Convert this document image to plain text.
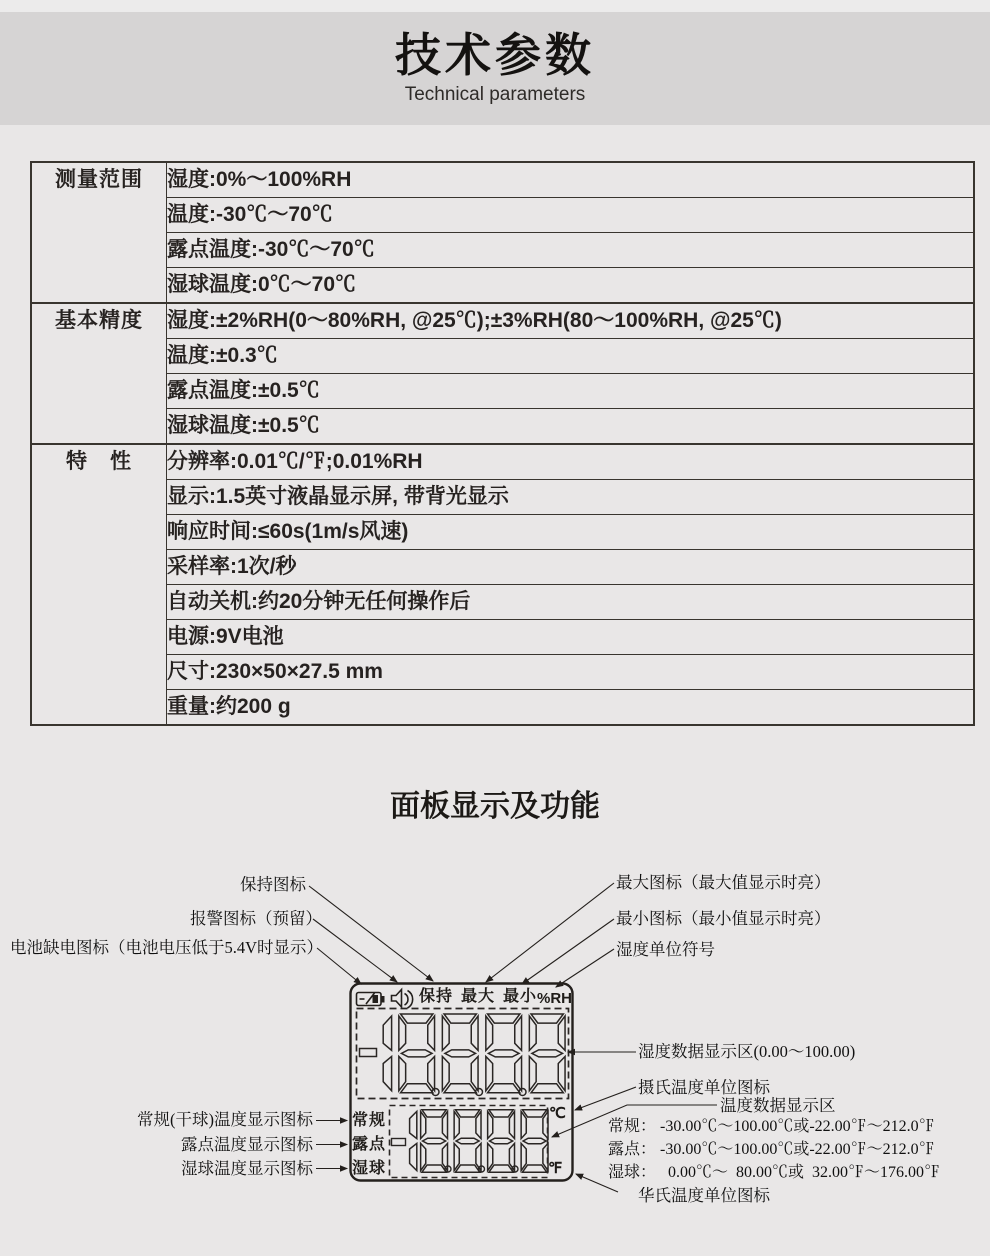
技术参数
Technical parameters
测量范围	湿度:0%～100%RH
	温度:-30℃～70℃
	露点温度:-30℃～70℃
	湿球温度:0℃～70℃
基本精度	湿度:±2%RH(0～80%RH, @25℃);±3%RH(80～100%RH, @25℃)
	温度:±0.3℃
	露点温度:±0.5℃
	湿球温度:±0.5℃
特　性	分辨率:0.01℃/℉;0.01%RH
	显示:1.5英寸液晶显示屏, 带背光显示
	响应时间:≤60s(1m/s风速)
	采样率:1次/秒
	自动关机:约20分钟无任何操作后
	电源:9V电池
	尺寸:230×50×27.5 mm
	重量:约200 g
面板显示及功能
保持 最大 最小 %RH
常规
露点
湿球
℃
℉
保持图标
报警图标（预留）
电池缺电图标（电池电压低于5.4V时显示）
最大图标（最大值显示时亮）
最小图标（最小值显示时亮）
湿度单位符号
湿度数据显示区(0.00～100.00)
摄氏温度单位图标
温度数据显示区
常规： -30.00℃～100.00℃或-22.00℉～212.0℉
露点： -30.00℃～100.00℃或-22.00℉～212.0℉
湿球：   0.00℃～  80.00℃或  32.00℉～176.00℉
华氏温度单位图标
常规(干球)温度显示图标
露点温度显示图标
湿球温度显示图标
